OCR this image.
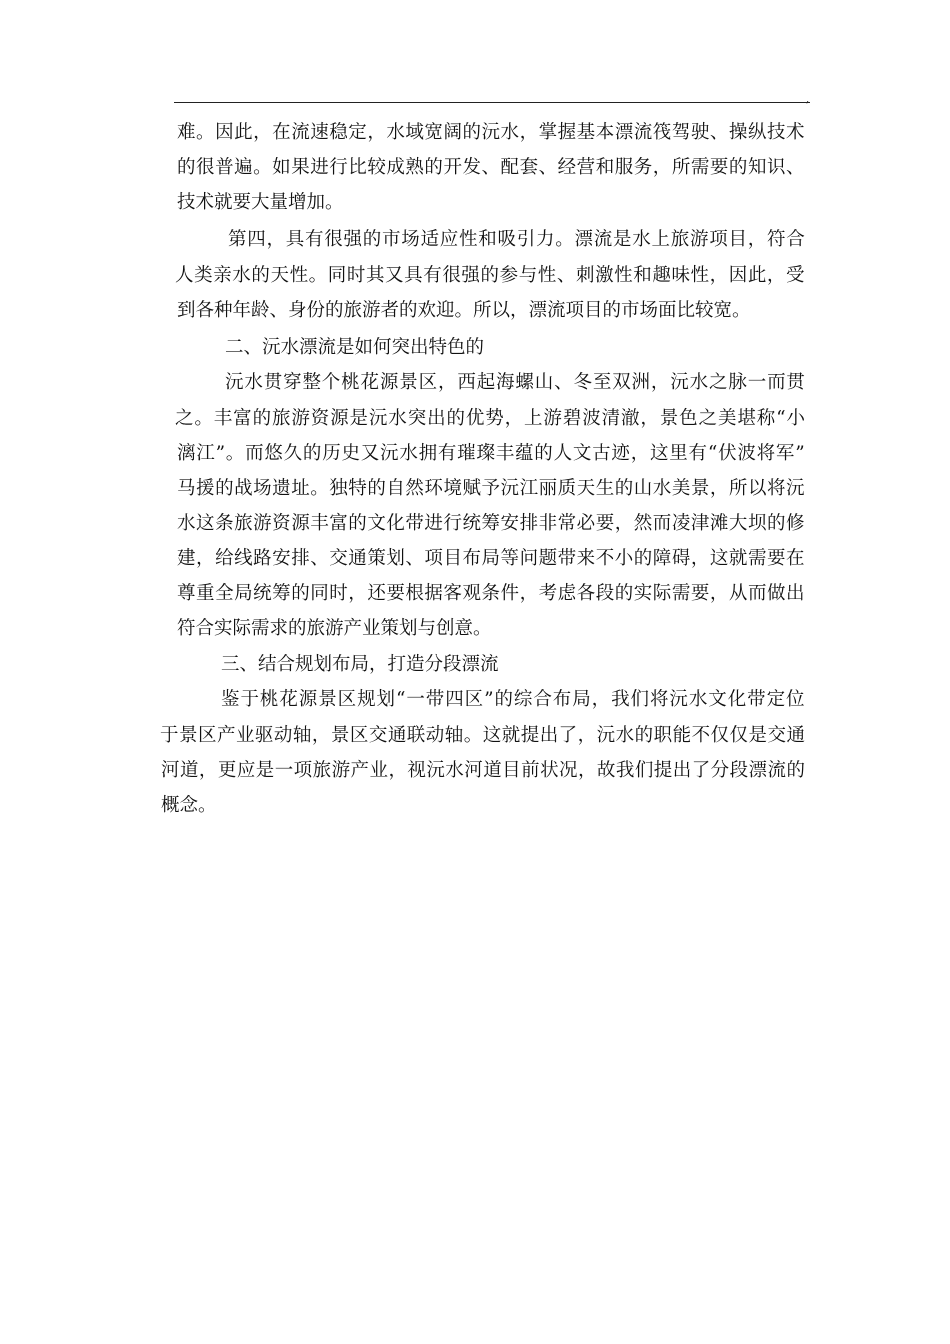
,
难 。 因 此 ， 在 流 速 稳 定 ， 水 域 宽 阔 的 沅 水 ， 掌 握 基 本 漂 流 筏 驾 驶 、 操 纵 技 术
的 很 普 遍 。 如 果 进 行 比 较 成 熟 的 开 发 、 配 套 、 经 营 和 服 务 ， 所 需 要 的 知 识 、
技术就要大量增加。
第 四 ， 具 有 很 强 的 市 场 适 应 性 和 吸 引 力 。 漂 流 是 水 上 旅 游 项 目 ， 符 合
人 类 亲 水 的 天 性 。 同 时 其 又 具 有 很 强 的 参 与 性 、 刺 激 性 和 趣 味 性 ， 因 此 ， 受
到各种年龄、身份的旅游者的欢迎。所以，漂流项目的市场面比较宽。
二、沅水漂流是如何突出特色的
沅 水 贯 穿 整 个 桃 花 源 景 区 ， 西 起 海 螺 山 、 冬 至 双 洲 ， 沅 水 之 脉 一 而 贯
之 。 丰 富 的 旅 游 资 源 是 沅 水 突 出 的 优 势 ， 上 游 碧 波 清 澈 ， 景 色 之 美 堪 称 “ 小
漓 江 ” 。 而 悠 久 的 历 史 又 沅 水 拥 有 璀 璨 丰 蕴 的 人 文 古 迹 ， 这 里 有 “ 伏 波 将 军 ”
马 援 的 战 场 遗 址 。 独 特 的 自 然 环 境 赋 予 沅 江 丽 质 天 生 的 山 水 美 景 ， 所 以 将 沅
水 这 条 旅 游 资 源 丰 富 的 文 化 带 进 行 统 筹 安 排 非 常 必 要 ， 然 而 凌 津 滩 大 坝 的 修
建 ， 给 线 路 安 排 、 交 通 策 划 、 项 目 布 局 等 问 题 带 来 不 小 的 障 碍 ， 这 就 需 要 在
尊 重 全 局 统 筹 的 同 时 ， 还 要 根 据 客 观 条 件 ， 考 虑 各 段 的 实 际 需 要 ， 从 而 做 出
符合实际需求的旅游产业策划与创意。
三、结合规划布局，打造分段漂流
鉴 于 桃 花 源 景 区 规 划 “ 一 带 四 区 ” 的 综 合 布 局 ， 我 们 将 沅 水 文 化 带 定 位
于 景 区 产 业 驱 动 轴 ， 景 区 交 通 联 动 轴 。 这 就 提 出 了 ， 沅 水 的 职 能 不 仅 仅 是 交 通
河 道 ， 更 应 是 一 项 旅 游 产 业 ， 视 沅 水 河 道 目 前 状 况 ， 故 我 们 提 出 了 分 段 漂 流 的
概念。
